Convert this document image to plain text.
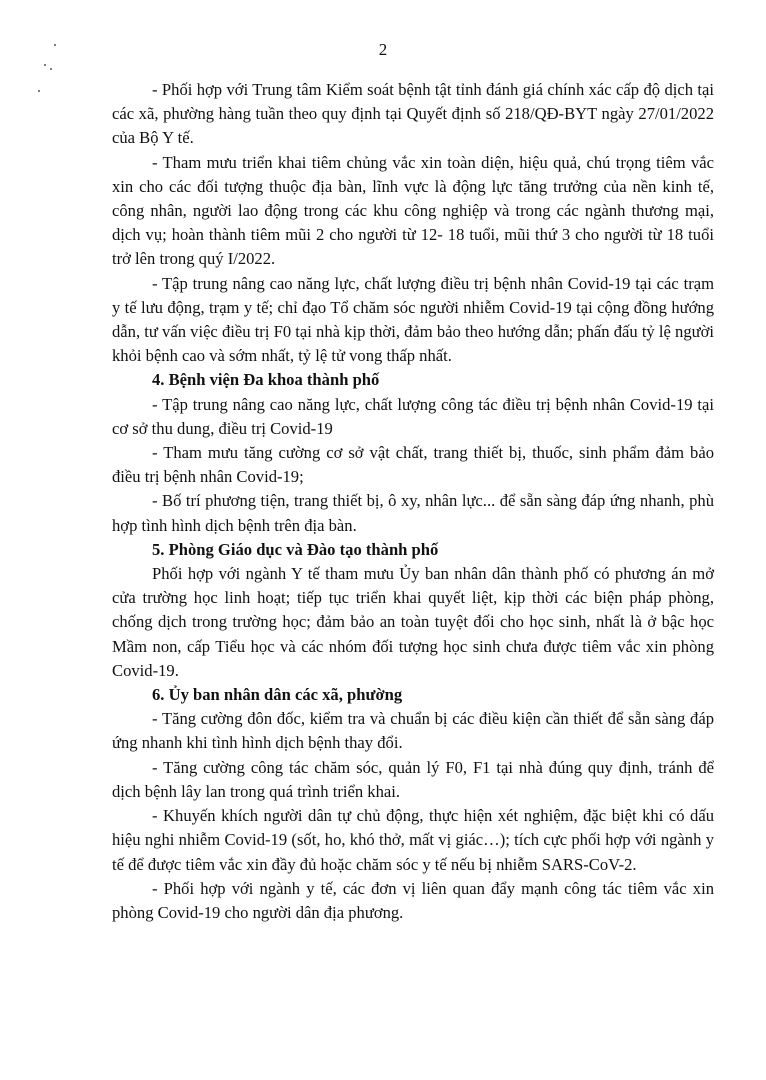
2

- Phối hợp với Trung tâm Kiểm soát bệnh tật tỉnh đánh giá chính xác cấp độ dịch tại các xã, phường hàng tuần theo quy định tại Quyết định số 218/QĐ-BYT ngày 27/01/2022 của Bộ Y tế.

- Tham mưu triển khai tiêm chủng vắc xin toàn diện, hiệu quả, chú trọng tiêm vắc xin cho các đối tượng thuộc địa bàn, lĩnh vực là động lực tăng trưởng của nền kinh tế, công nhân, người lao động trong các khu công nghiệp và trong các ngành thương mại, dịch vụ; hoàn thành tiêm mũi 2 cho người từ 12- 18 tuổi, mũi thứ 3 cho người từ 18 tuổi trở lên trong quý I/2022.

- Tập trung nâng cao năng lực, chất lượng điều trị bệnh nhân Covid-19 tại các trạm y tế lưu động, trạm y tế; chỉ đạo Tổ chăm sóc người nhiễm Covid-19 tại cộng đồng hướng dẫn, tư vấn việc điều trị F0 tại nhà kịp thời, đảm bảo theo hướng dẫn; phấn đấu tỷ lệ người khỏi bệnh cao và sớm nhất, tỷ lệ tử vong thấp nhất.

4. Bệnh viện Đa khoa thành phố

- Tập trung nâng cao năng lực, chất lượng công tác điều trị bệnh nhân Covid-19 tại cơ sở thu dung, điều trị Covid-19

- Tham mưu tăng cường cơ sở vật chất, trang thiết bị, thuốc, sinh phẩm đảm bảo điều trị bệnh nhân Covid-19;

- Bố trí phương tiện, trang thiết bị, ô xy, nhân lực... để sẵn sàng đáp ứng nhanh, phù hợp tình hình dịch bệnh trên địa bàn.

5. Phòng Giáo dục và Đào tạo thành phố

Phối hợp với ngành Y tế tham mưu Ủy ban nhân dân thành phố có phương án mở cửa trường học linh hoạt; tiếp tục triển khai quyết liệt, kịp thời các biện pháp phòng, chống dịch trong trường học; đảm bảo an toàn tuyệt đối cho học sinh, nhất là ở bậc học Mầm non, cấp Tiểu học và các nhóm đối tượng học sinh chưa được tiêm vắc xin phòng Covid-19.

6. Ủy ban nhân dân các xã, phường

- Tăng cường đôn đốc, kiểm tra và chuẩn bị các điều kiện cần thiết để sẵn sàng đáp ứng nhanh khi tình hình dịch bệnh thay đổi.

- Tăng cường công tác chăm sóc, quản lý F0, F1 tại nhà đúng quy định, tránh để dịch bệnh lây lan trong quá trình triển khai.

- Khuyến khích người dân tự chủ động, thực hiện xét nghiệm, đặc biệt khi có dấu hiệu nghi nhiễm Covid-19 (sốt, ho, khó thở, mất vị giác…); tích cực phối hợp với ngành y tế để được tiêm vắc xin đầy đủ hoặc chăm sóc y tế nếu bị nhiễm SARS-CoV-2.

- Phối hợp với ngành y tế, các đơn vị liên quan đẩy mạnh công tác tiêm vắc xin phòng Covid-19 cho người dân địa phương.
